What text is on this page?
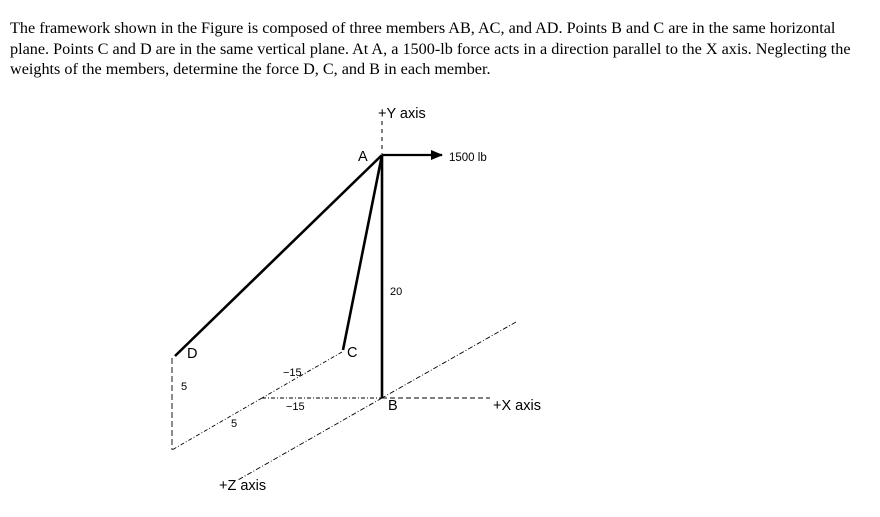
The framework shown in the Figure is composed of three members AB, AC, and AD. Points B and C are in the same horizontal plane. Points C and D are in the same vertical plane. At A, a 1500-lb force acts in a direction parallel to the X axis. Neglecting the weights of the members, determine the force D, C, and B in each member.

+Y axis
A	1500 lb
20
D	C
−15
5
−15	B	+X axis
5
+Z axis
